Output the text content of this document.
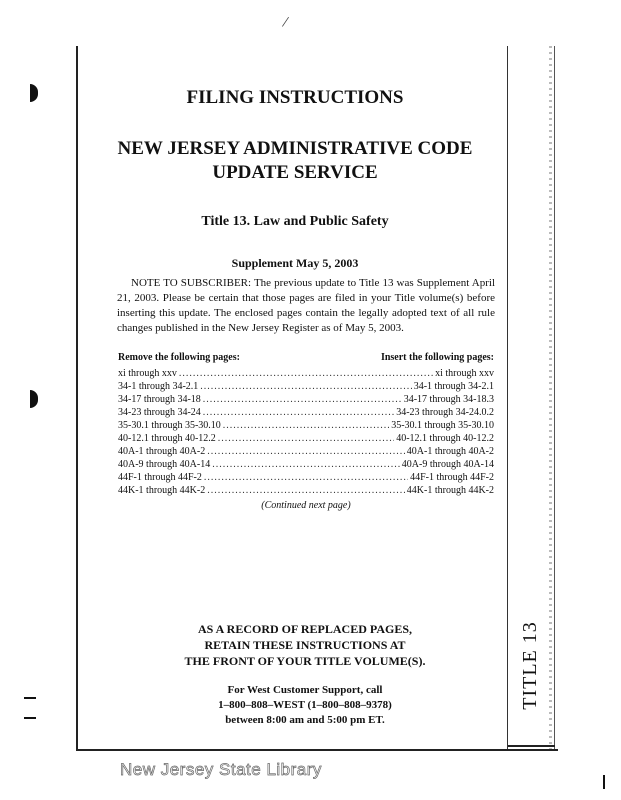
/
TITLE 13
FILING INSTRUCTIONS
NEW JERSEY ADMINISTRATIVE CODE
UPDATE SERVICE
Title 13. Law and Public Safety
Supplement May 5, 2003
NOTE TO SUBSCRIBER: The previous update to Title 13 was Supplement April 21, 2003. Please be certain that those pages are filed in your Title volume(s) before inserting this update. The enclosed pages contain the legally adopted text of all rule changes published in the New Jersey Register as of May 5, 2003.
Remove the following pages:	Insert the following pages:
xi through xxv .....	xi through xxv
34-1 through 34-2.1 .....	34-1 through 34-2.1
34-17 through 34-18 .....	34-17 through 34-18.3
34-23 through 34-24 .....	34-23 through 34-24.0.2
35-30.1 through 35-30.10 .....	35-30.1 through 35-30.10
40-12.1 through 40-12.2 .....	40-12.1 through 40-12.2
40A-1 through 40A-2 .....	40A-1 through 40A-2
40A-9 through 40A-14 .....	40A-9 through 40A-14
44F-1 through 44F-2 .....	44F-1 through 44F-2
44K-1 through 44K-2 .....	44K-1 through 44K-2
(Continued next page)
AS A RECORD OF REPLACED PAGES,
RETAIN THESE INSTRUCTIONS AT
THE FRONT OF YOUR TITLE VOLUME(S).
For West Customer Support, call
1–800–808–WEST (1–800–808–9378)
between 8:00 am and 5:00 pm ET.
New Jersey State Library
